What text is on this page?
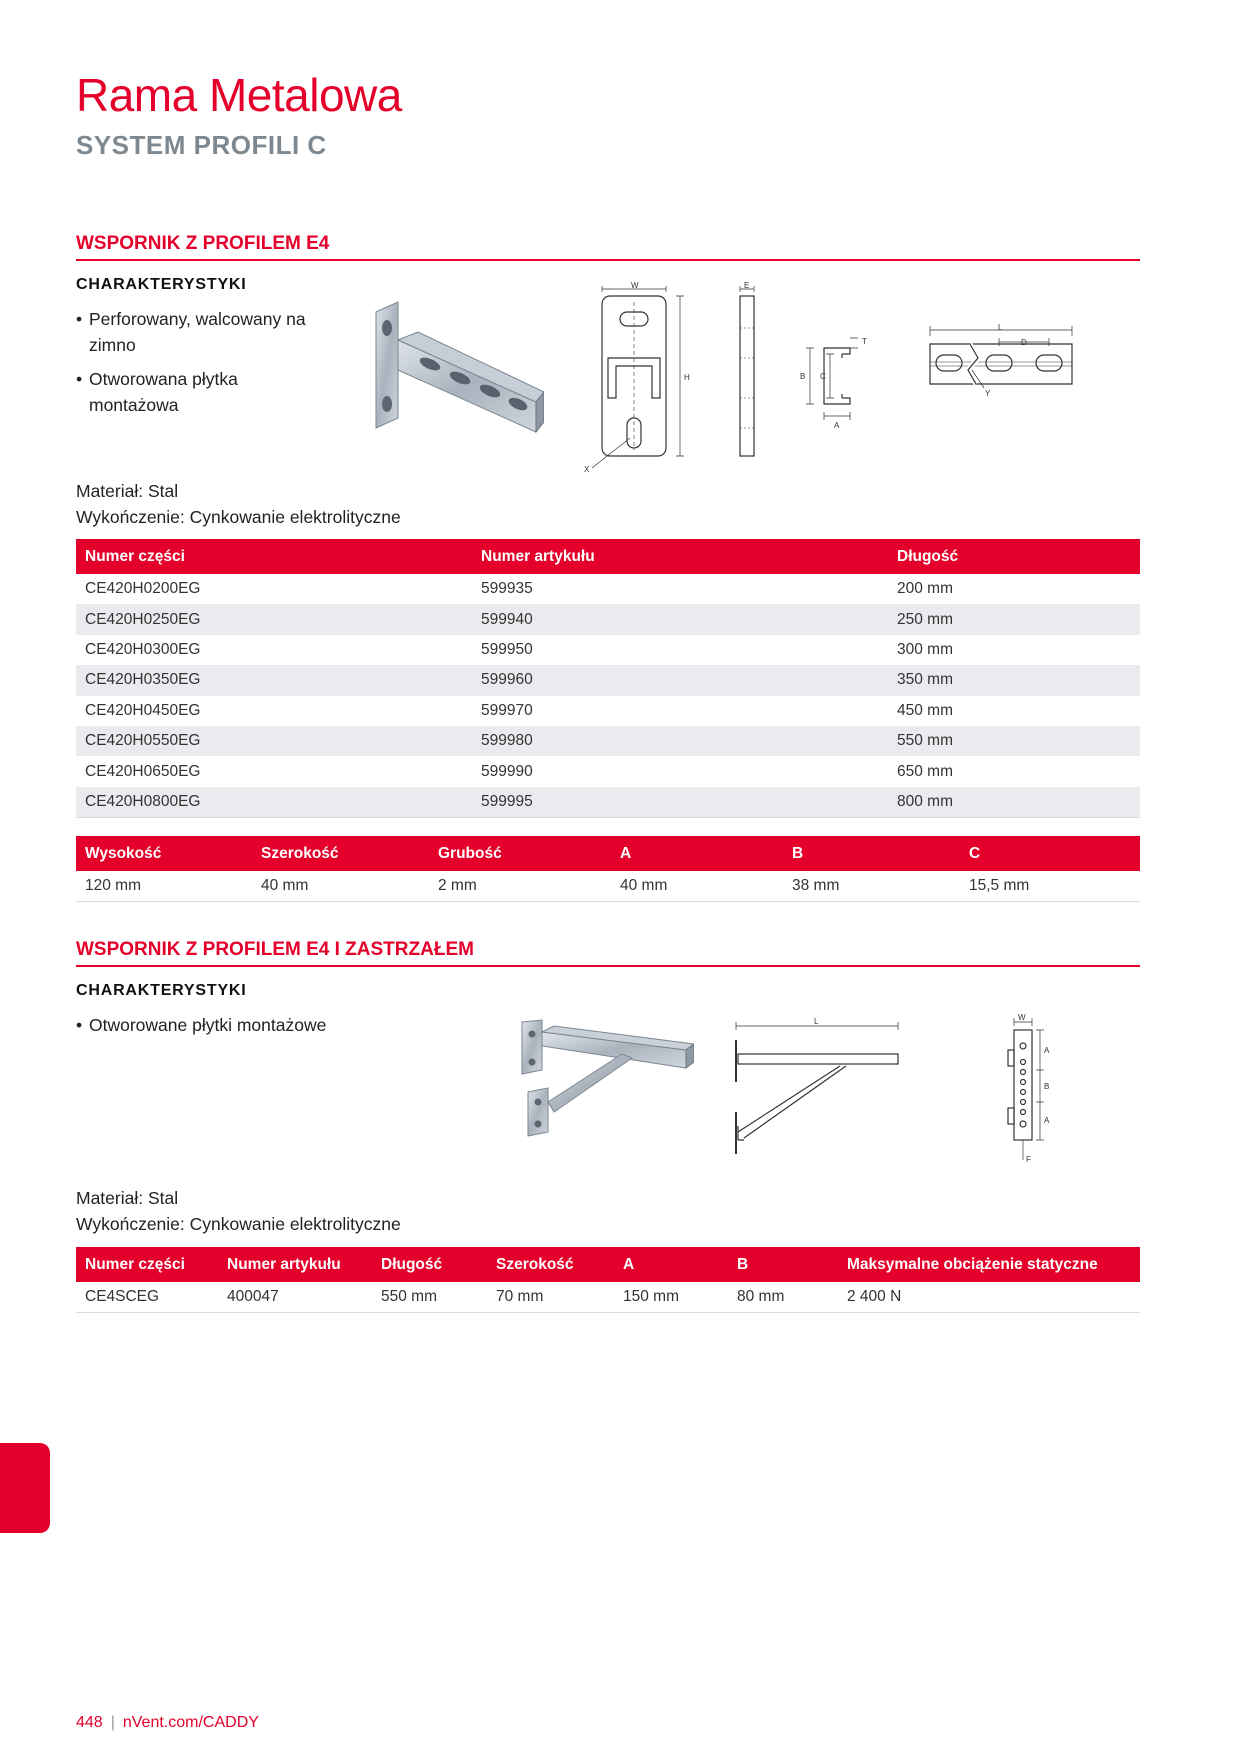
Rama Metalowa
SYSTEM PROFILI C
WSPORNIK Z PROFILEM E4
CHARAKTERYSTYKI
• Perforowany, walcowany na zimno
• Otworowana płytka montażowa
W
H
X
E
T
B C
A
L
D
Y
Materiał: Stal
Wykończenie: Cynkowanie elektrolityczne
Numer części	Numer artykułu	Długość
CE420H0200EG	599935	200 mm
CE420H0250EG	599940	250 mm
CE420H0300EG	599950	300 mm
CE420H0350EG	599960	350 mm
CE420H0450EG	599970	450 mm
CE420H0550EG	599980	550 mm
CE420H0650EG	599990	650 mm
CE420H0800EG	599995	800 mm
Wysokość	Szerokość	Grubość	A	B	C
120 mm	40 mm	2 mm	40 mm	38 mm	15,5 mm
WSPORNIK Z PROFILEM E4 I ZASTRZAŁEM
CHARAKTERYSTYKI
• Otworowane płytki montażowe	L	W
A
B
A
F
Materiał: Stal
Wykończenie: Cynkowanie elektrolityczne
Numer części	Numer artykułu	Długość	Szerokość	A	B	Maksymalne obciążenie statyczne
CE4SCEG	400047	550 mm	70 mm	150 mm	80 mm	2 400 N
448 | nVent.com/CADDY
